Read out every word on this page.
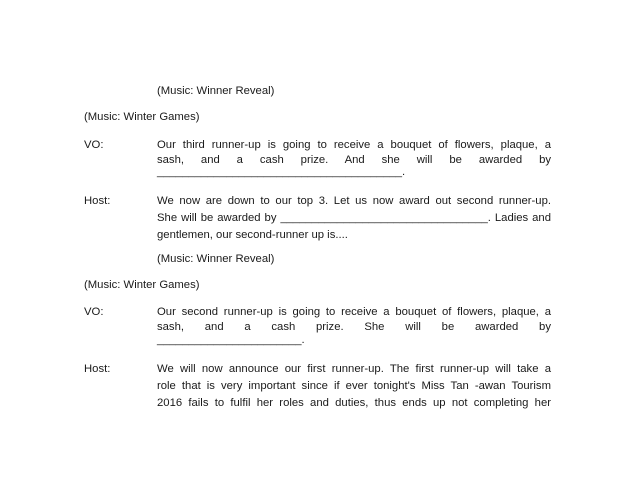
(Music: Winner Reveal)
(Music: Winter Games)
VO:	Our third runner-up is going to receive a bouquet of flowers, plaque, a
sash, and a cash prize. And she will be awarded by
_______________________________________.
Host:	We now are down to our top 3. Let us now award out second runner-up.
She will be awarded by _________________________________. Ladies and
gentlemen, our second-runner up is....
(Music: Winner Reveal)
(Music: Winter Games)
VO:	Our second runner-up is going to receive a bouquet of flowers, plaque, a
sash, and a cash prize. She will be awarded by
_______________________.
Host:	We will now announce our first runner-up. The first runner-up will take a
role that is very important since if ever tonight's Miss Tan -awan Tourism
2016 fails to fulfil her roles and duties, thus ends up not completing her
